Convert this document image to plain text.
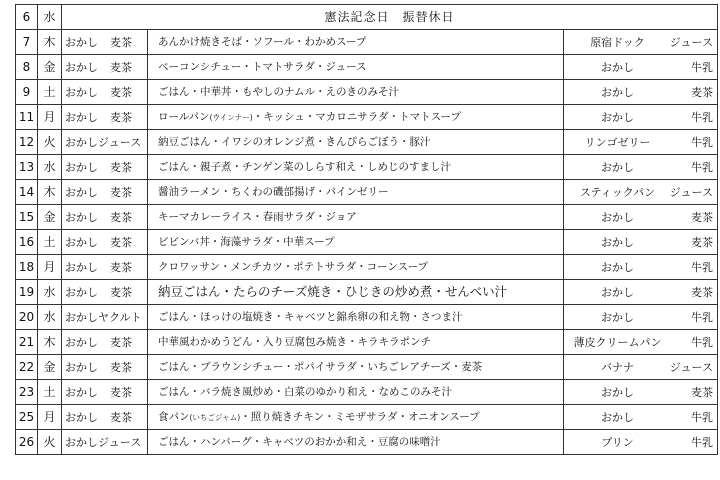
6	水	憲法記念日　振替休日		
7	木	おかし 麦茶	あんかけ焼きそば・ソフール・わかめスープ	原宿ドック ジュース

8	金	おかし 麦茶	ベーコンシチュー・トマトサラダ・ジュース	おかし 牛乳

9	土	おかし 麦茶	ごはん・中華丼・もやしのナムル・えのきのみそ汁	おかし 麦茶

11	月	おかし 麦茶	ロールパン(ウインナー)・キッシュ・マカロニサラダ・トマトスープ	おかし 牛乳

12	火	おかしジュース	納豆ごはん・イワシのオレンジ煮・きんぴらごぼう・豚汁	リンゴゼリー 牛乳

13	水	おかし 麦茶	ごはん・親子煮・チンゲン菜のしらす和え・しめじのすまし汁	おかし 牛乳

14	木	おかし 麦茶	醤油ラーメン・ちくわの磯部揚げ・パインゼリー	スティックパン ジュース

15	金	おかし 麦茶	キーマカレーライス・春雨サラダ・ジョア	おかし 麦茶

16	土	おかし 麦茶	ビビンバ丼・海藻サラダ・中華スープ	おかし 麦茶

18	月	おかし 麦茶	クロワッサン・メンチカツ・ポテトサラダ・コーンスープ	おかし 牛乳

19	水	おかし 麦茶	納豆ごはん・たらのチーズ焼き・ひじきの炒め煮・せんべい汁	おかし 麦茶

20	水	おかしヤクルト	ごはん・ほっけの塩焼き・キャベツと錦糸卵の和え物・さつま汁	おかし 牛乳

21	木	おかし 麦茶	中華風わかめうどん・入り豆腐包み焼き・キラキラポンチ	薄皮クリームパン 牛乳

22	金	おかし 麦茶	ごはん・ブラウンシチュー・ポパイサラダ・いちごレアチーズ・麦茶	バナナ ジュース

23	土	おかし 麦茶	ごはん・バラ焼き風炒め・白菜のゆかり和え・なめこのみそ汁	おかし 麦茶

25	月	おかし 麦茶	食パン(いちごジャム)・照り焼きチキン・ミモザサラダ・オニオンスープ	おかし 牛乳

26	火	おかしジュース	ごはん・ハンバーグ・キャベツのおかか和え・豆腐の味噌汁	プリン 牛乳
